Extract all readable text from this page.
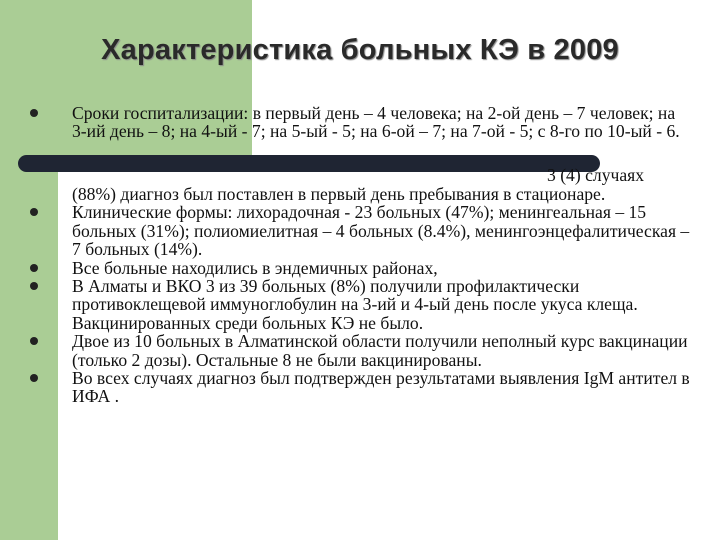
Характеристика больных КЭ в 2009
Сроки госпитализации: в первый день – 4 человека; на 2-ой день – 7 человек; на 3-ий день – 8; на 4-ый - 7; на 5-ый - 5; на 6-ой – 7; на 7-ой - 5; с 8-го по 10-ый - 6.
(88%) диагноз был поставлен в первый день пребывания в стационаре.
Клинические формы: лихорадочная - 23 больных (47%); менингеальная – 15 больных (31%); полиомиелитная – 4 больных (8.4%), менингоэнцефалитическая – 7 больных (14%).
Все больные находились в эндемичных районах,
В Алматы и ВКО 3 из 39 больных (8%) получили профилактически противоклещевой иммуноглобулин на 3-ий и 4-ый день после укуса клеща. Вакцинированных среди больных КЭ не было.
Двое из 10 больных в Алматинской области получили неполный курс вакцинации (только 2 дозы). Остальные 8 не были вакцинированы.
Во всех случаях диагноз был подтвержден результатами выявления IgM антител в ИФА .
3 (4) случаях
